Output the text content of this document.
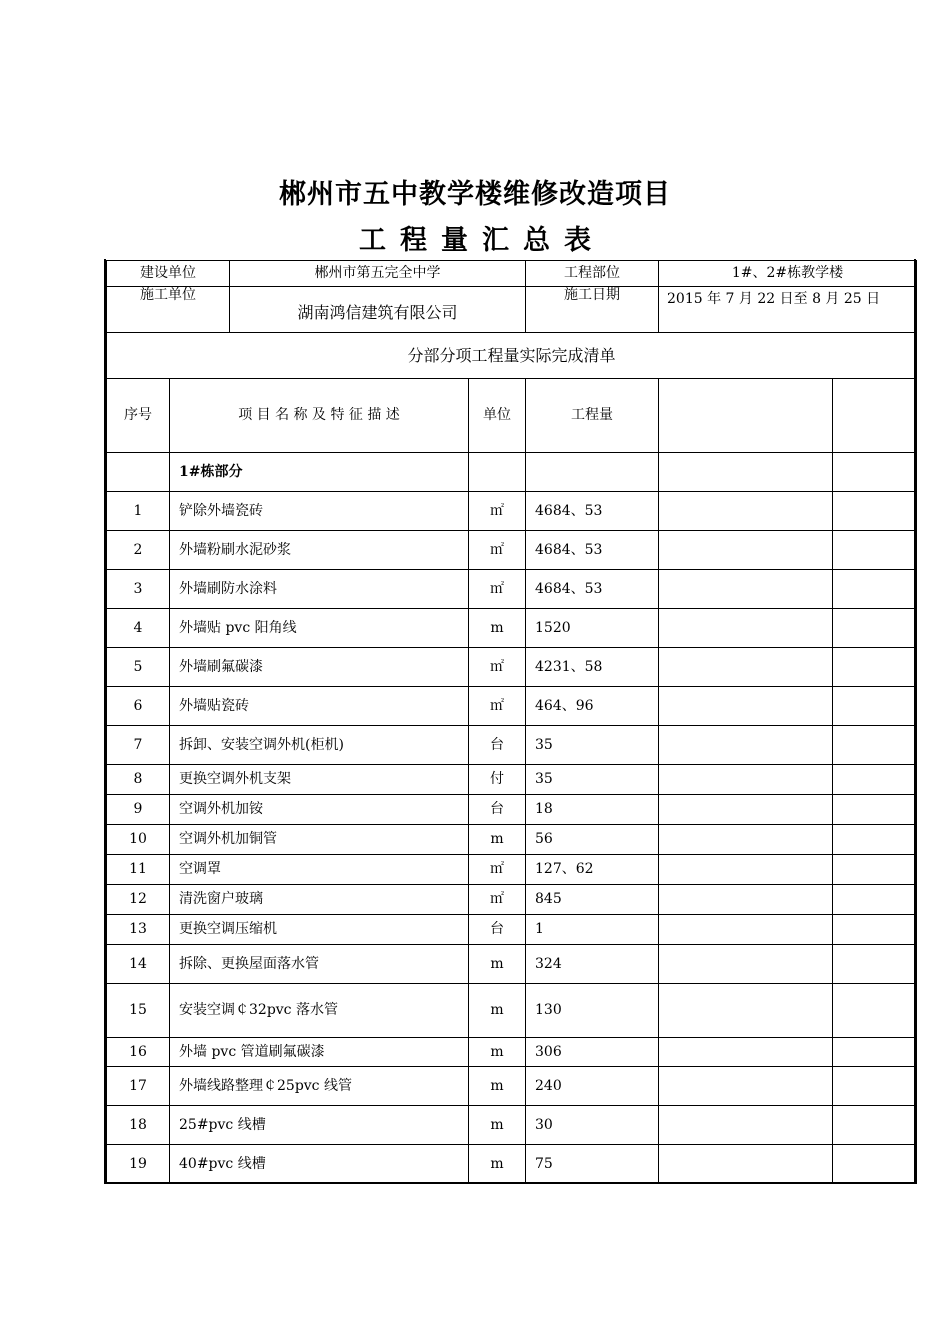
郴州市五中教学楼维修改造项目
工程量汇总表
建设单位		郴州市第五完全中学		工程部位	1#、2#栋教学楼	
施工单位		湖南鸿信建筑有限公司		施工日期	2015 年 7 月 22 日至 8 月 25 日	
分部分项工程量实际完成清单						
序号	项 目 名 称 及 特 征 描 述		单位	工程量		
	1#栋部分					
1	铲除外墙瓷砖		㎡	4684、53		
2	外墙粉刷水泥砂浆		㎡	4684、53		
3	外墙刷防水涂料		㎡	4684、53		
4	外墙贴 pvc 阳角线		m	1520		
5	外墙刷氟碳漆		㎡	4231、58		
6	外墙贴瓷砖		㎡	464、96		
7	拆卸、安装空调外机(柜机)		台	35		
8	更换空调外机支架		付	35		
9	空调外机加铵		台	18		
10	空调外机加铜管		m	56		
11	空调罩		㎡	127、62		
12	清洗窗户玻璃		㎡	845		
13	更换空调压缩机		台	1		
14	拆除、更换屋面落水管		m	324		
15	安装空调￠32pvc 落水管		m	130		
16	外墙 pvc 管道刷氟碳漆		m	306		
17	外墙线路整理￠25pvc 线管		m	240		
18	25#pvc 线槽		m	30		
19	40#pvc 线槽		m	75		
